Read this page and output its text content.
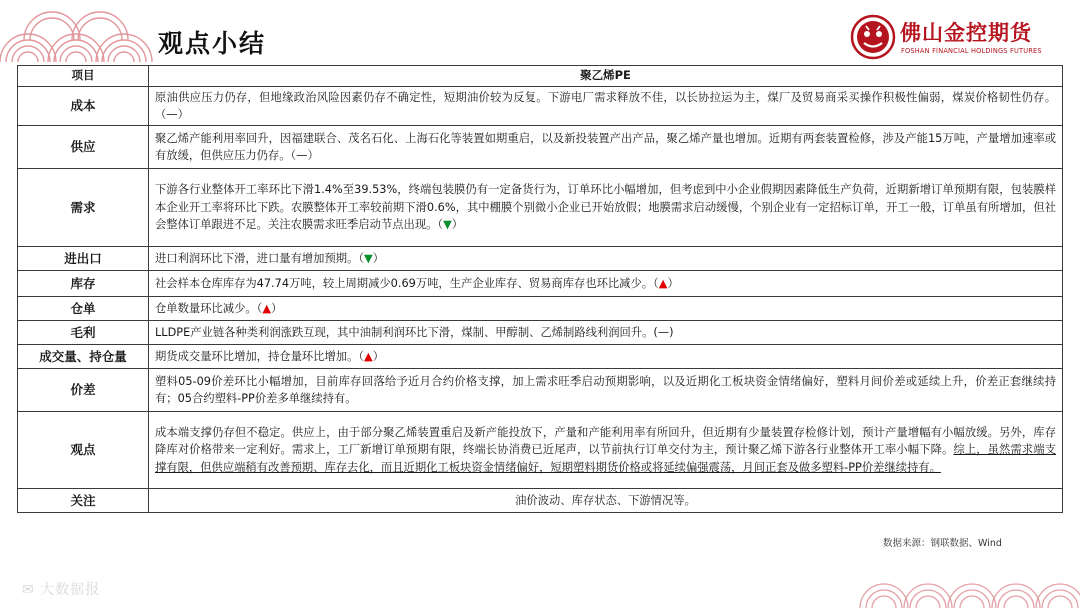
观点小结	佛山金控期货
FOSHAN FINANCIAL HOLDINGS FUTURES
项目	聚乙烯PE
成本	原油供应压力仍存，但地缘政治风险因素仍存不确定性，短期油价较为反复。下游电厂需求释放不佳，以长协拉运为主，煤厂及贸易商采买操作积极性偏弱，煤炭价格韧性仍存。（—）
供应	聚乙烯产能利用率回升，因福建联合、茂名石化、上海石化等装置如期重启，以及新投装置产出产品，聚乙烯产量也增加。近期有两套装置检修，涉及产能15万吨，产量增加速率或有放缓，但供应压力仍存。（—）
需求	下游各行业整体开工率环比下滑1.4%至39.53%，终端包装膜仍有一定备货行为，订单环比小幅增加，但考虑到中小企业假期因素降低生产负荷，近期新增订单预期有限，包装膜样本企业开工率将环比下跌。农膜整体开工率较前期下滑0.6%，其中棚膜个别微小企业已开始放假；地膜需求启动缓慢，个别企业有一定招标订单，开工一般，订单虽有所增加，但社会整体订单跟进不足。关注农膜需求旺季启动节点出现。（▼）
进出口	进口利润环比下滑，进口量有增加预期。（▼）
库存	社会样本仓库库存为47.74万吨，较上周期减少0.69万吨，生产企业库存、贸易商库存也环比减少。（▲）
仓单	仓单数量环比减少。（▲）
毛利	LLDPE产业链各种类利润涨跌互现，其中油制利润环比下滑，煤制、甲醇制、乙烯制路线利润回升。(—)
成交量、持仓量	期货成交量环比增加，持仓量环比增加。（▲）
价差	塑料05-09价差环比小幅增加，目前库存回落给予近月合约价格支撑，加上需求旺季启动预期影响，以及近期化工板块资金情绪偏好，塑料月间价差或延续上升，价差正套继续持有；05合约塑料-PP价差多单继续持有。
观点	成本端支撑仍存但不稳定。供应上，由于部分聚乙烯装置重启及新产能投放下，产量和产能利用率有所回升，但近期有少量装置存检修计划，预计产量增幅有小幅放缓。另外，库存降库对价格带来一定利好。需求上，工厂新增订单预期有限，终端长协消费已近尾声，以节前执行订单交付为主，预计聚乙烯下游各行业整体开工率小幅下降。综上，虽然需求端支撑有限，但供应端稍有改善预期、库存去化，而且近期化工板块资金情绪偏好，短期塑料期货价格或将延续偏强震荡，月间正套及做多塑料-PP价差继续持有。
关注	油价波动、库存状态、下游情况等。
数据来源：钢联数据、Wind
✉ 大数据报
